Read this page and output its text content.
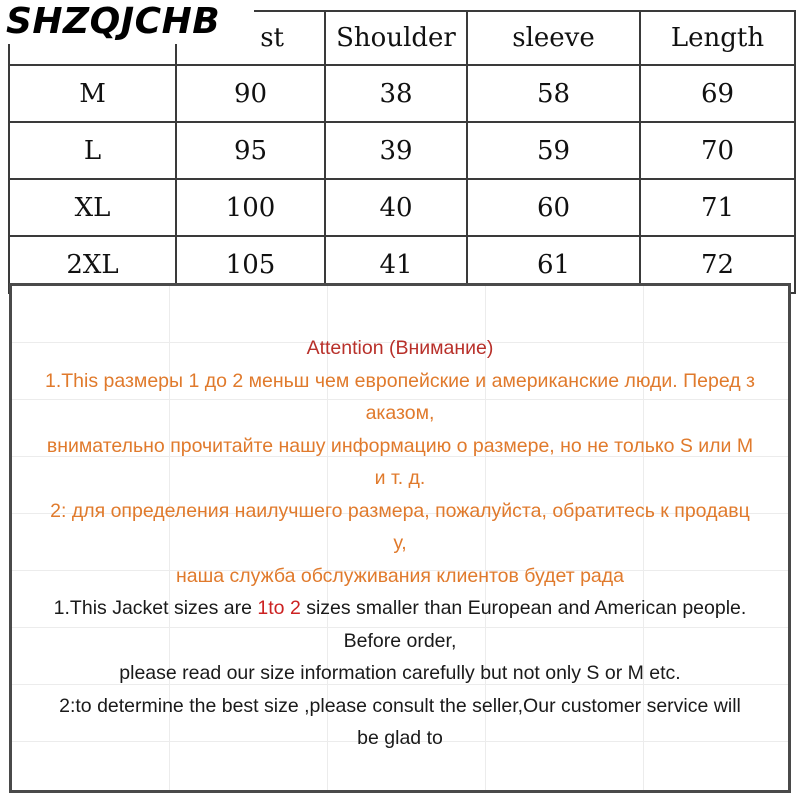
	st	Shoulder	sleeve	Length
M	90	38	58	69
L	95	39	59	70
XL	100	40	60	71
2XL	105	41	61	72
SHZQJCHB
Attention (Внимание)
1.This размеры 1 до 2 меньш чем европейские и американские люди. Перед з
аказом,
внимательно прочитайте нашу информацию о размере, но не только S или M
и т. д.
2: для определения наилучшего размера, пожалуйста, обратитесь к продавц
у,
наша служба обслуживания клиентов будет рада
1.This Jacket sizes are 1to 2 sizes smaller than European and American people.
Before order,
please read our size information carefully but not only S or M etc.
2:to determine the best size ,please consult the seller,Our customer service will
be glad to
